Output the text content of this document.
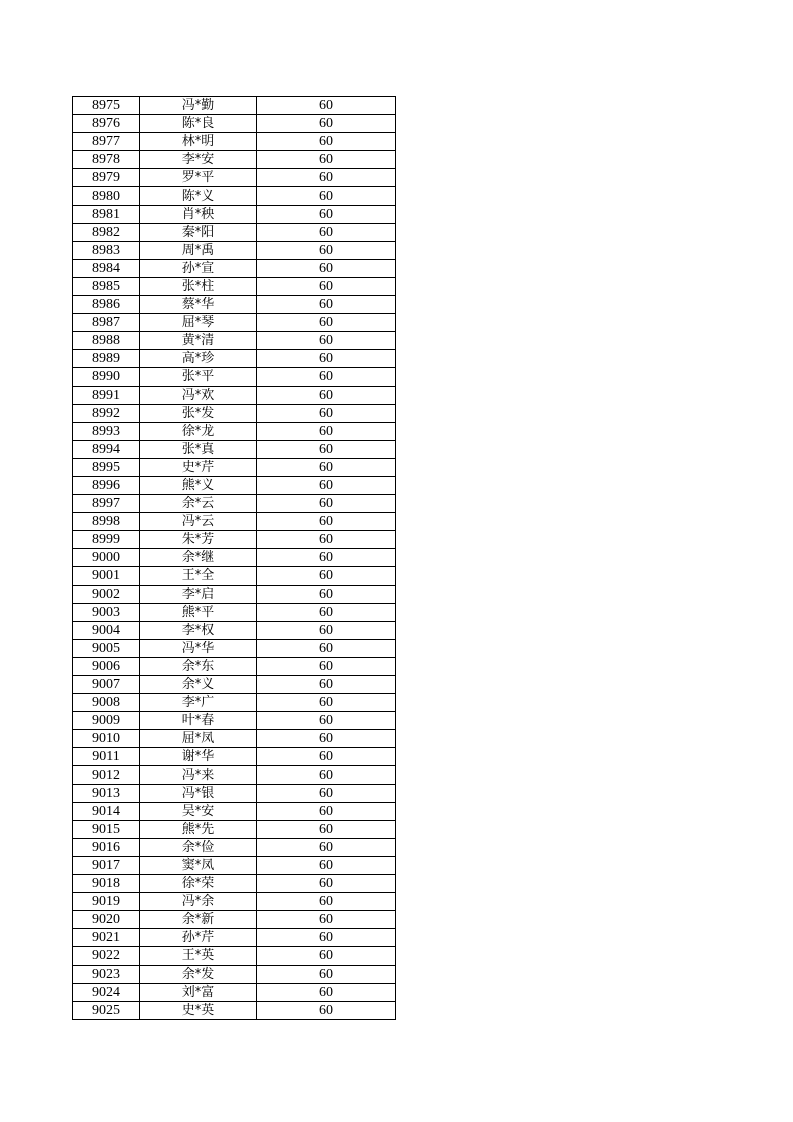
8975	冯*勤	60
8976	陈*良	60
8977	林*明	60
8978	李*安	60
8979	罗*平	60
8980	陈*义	60
8981	肖*秧	60
8982	秦*阳	60
8983	周*禹	60
8984	孙*宣	60
8985	张*柱	60
8986	蔡*华	60
8987	屈*琴	60
8988	黄*清	60
8989	高*珍	60
8990	张*平	60
8991	冯*欢	60
8992	张*发	60
8993	徐*龙	60
8994	张*真	60
8995	史*芹	60
8996	熊*义	60
8997	余*云	60
8998	冯*云	60
8999	朱*芳	60
9000	余*继	60
9001	王*全	60
9002	李*启	60
9003	熊*平	60
9004	李*权	60
9005	冯*华	60
9006	余*东	60
9007	余*义	60
9008	李*广	60
9009	叶*春	60
9010	屈*凤	60
9011	谢*华	60
9012	冯*来	60
9013	冯*银	60
9014	吴*安	60
9015	熊*先	60
9016	余*俭	60
9017	窦*凤	60
9018	徐*荣	60
9019	冯*余	60
9020	余*新	60
9021	孙*芹	60
9022	王*英	60
9023	余*发	60
9024	刘*富	60
9025	史*英	60
